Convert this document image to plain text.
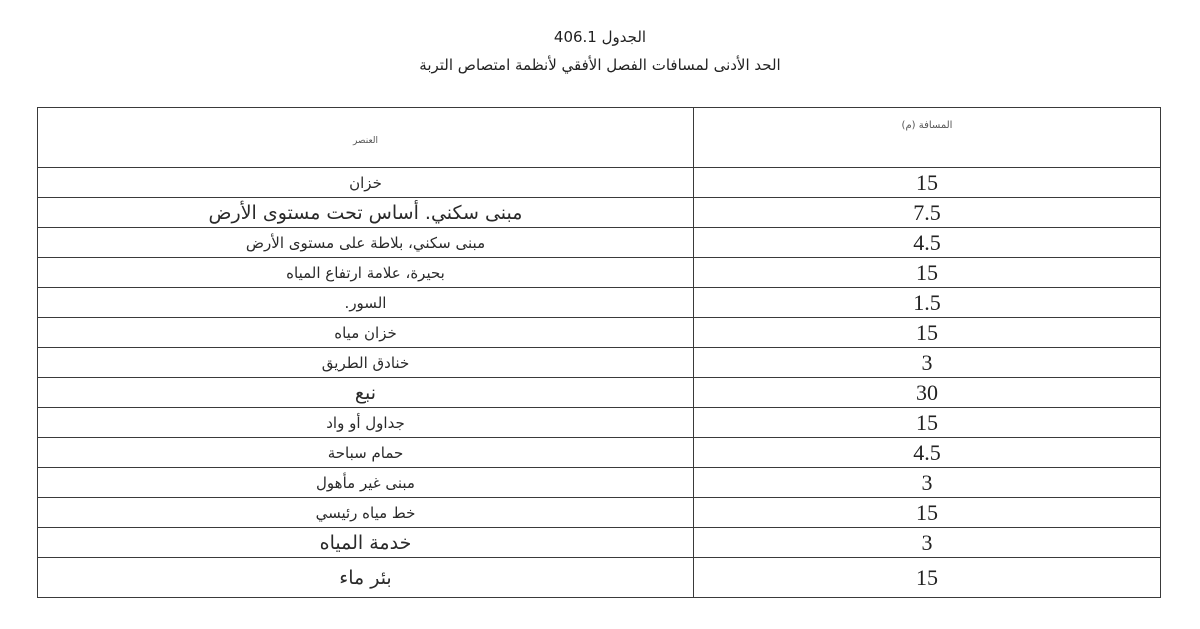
الجدول 406.1
الحد الأدنى لمسافات الفصل الأفقي لأنظمة امتصاص التربة
العنصر	المسافة (م)

خزان	15
مبنى سكني. أساس تحت مستوى الأرض	7.5
مبنى سكني، بلاطة على مستوى الأرض	4.5
بحيرة، علامة ارتفاع المياه	15
السور.	1.5
خزان مياه	15
خنادق الطريق	3
نبع	30
جداول أو واد	15
حمام سباحة	4.5
مبنى غير مأهول	3
خط مياه رئيسي	15
خدمة المياه	3
بئر ماء	15
